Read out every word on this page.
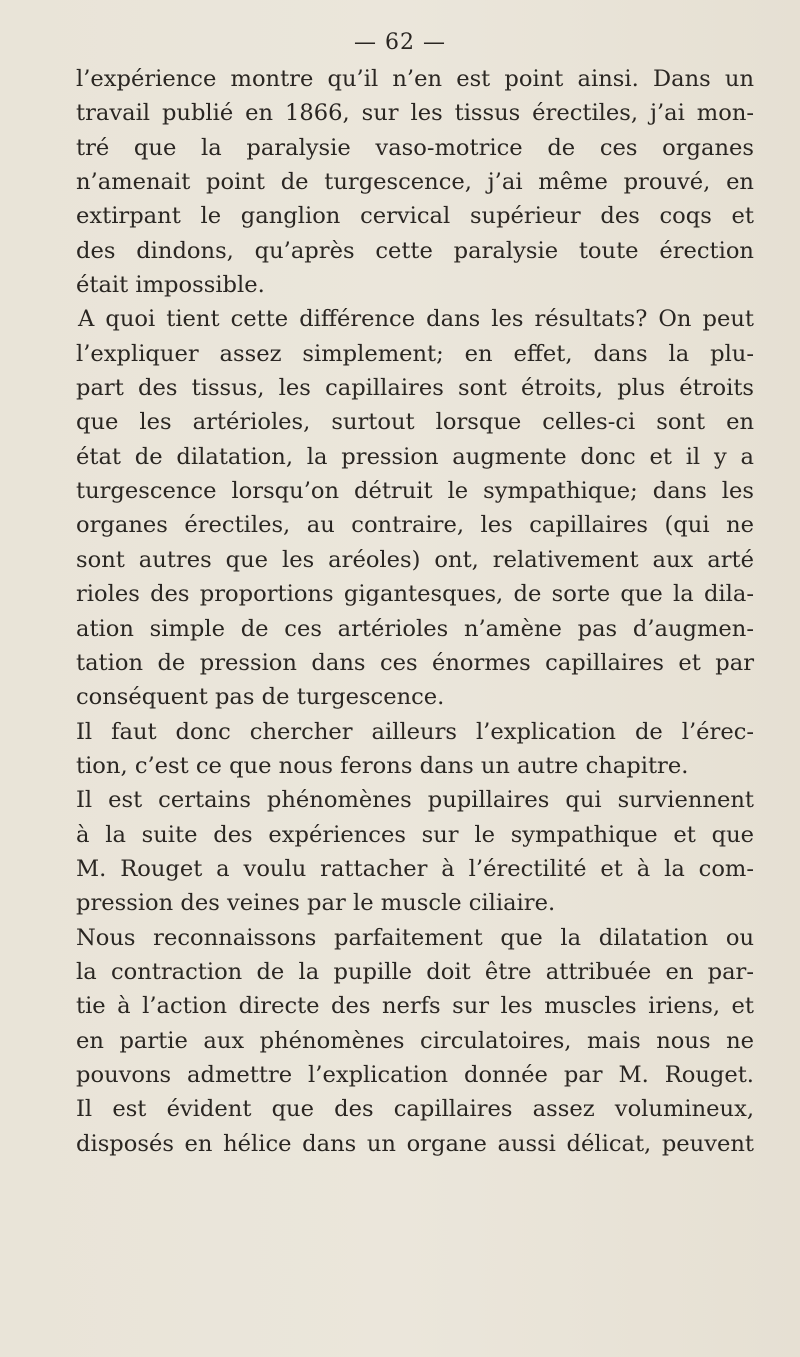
— 62 —
l’expérience montre qu’il n’en est point ainsi. Dans un
travail publié en 1866, sur les tissus érectiles, j’ai mon-
tré que la paralysie vaso-motrice de ces organes
n’amenait point de turgescence, j’ai même prouvé, en
extirpant le ganglion cervical supérieur des coqs et
des dindons, qu’après cette paralysie toute érection
était impossible.
A quoi tient cette différence dans les résultats? On peut
l’expliquer assez simplement; en effet, dans la plu-
part des tissus, les capillaires sont étroits, plus étroits
que les artérioles, surtout lorsque celles-ci sont en
état de dilatation, la pression augmente donc et il y a
turgescence lorsqu’on détruit le sympathique; dans les
organes érectiles, au contraire, les capillaires (qui ne
sont autres que les aréoles) ont, relativement aux arté
rioles des proportions gigantesques, de sorte que la dila-
ation simple de ces artérioles n’amène pas d’augmen-
tation de pression dans ces énormes capillaires et par
conséquent pas de turgescence.
Il faut donc chercher ailleurs l’explication de l’érec-
tion, c’est ce que nous ferons dans un autre chapitre.
Il est certains phénomènes pupillaires qui surviennent
à la suite des expériences sur le sympathique et que
M. Rouget a voulu rattacher à l’érectilité et à la com-
pression des veines par le muscle ciliaire.
Nous reconnaissons parfaitement que la dilatation ou
la contraction de la pupille doit être attribuée en par-
tie à l’action directe des nerfs sur les muscles iriens, et
en partie aux phénomènes circulatoires, mais nous ne
pouvons admettre l’explication donnée par M. Rouget.
Il est évident que des capillaires assez volumineux,
disposés en hélice dans un organe aussi délicat, peuvent
